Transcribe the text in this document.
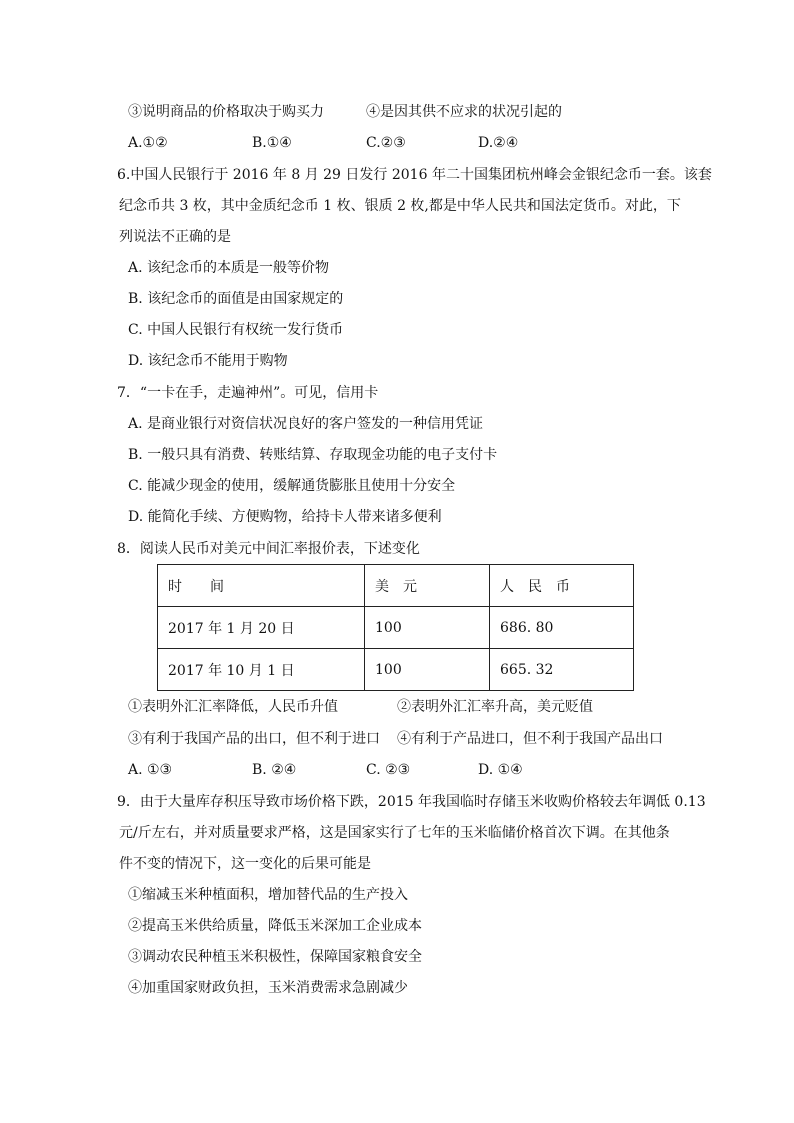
③说明商品的价格取决于购买力	④是因其供不应求的状况引起的
A.①②	B.①④	C.②③	D.②④
6.中国人民银行于 2016 年 8 月 29 日发行 2016 年二十国集团杭州峰会金银纪念币一套。该套
纪念币共 3 枚，其中金质纪念币 1 枚、银质 2 枚,都是中华人民共和国法定货币。对此，下
列说法不正确的是
A. 该纪念币的本质是一般等价物
B. 该纪念币的面值是由国家规定的
C. 中国人民银行有权统一发行货币
D. 该纪念币不能用于购物
7．“一卡在手，走遍神州”。可见，信用卡
A. 是商业银行对资信状况良好的客户签发的一种信用凭证
B. 一般只具有消费、转账结算、存取现金功能的电子支付卡
C. 能减少现金的使用，缓解通货膨胀且使用十分安全
D. 能简化手续、方便购物，给持卡人带来诸多便利
8．阅读人民币对美元中间汇率报价表，下述变化
时　　间	美　元	人　民　币
2017 年 1 月 20 日	100	686. 80
2017 年 10 月 1 日	100	665. 32
①表明外汇汇率降低，人民币升值	②表明外汇汇率升高，美元贬值
③有利于我国产品的出口，但不利于进口 ④有利于产品进口，但不利于我国产品出口
A. ①③	B. ②④	C. ②③	D. ①④
9．由于大量库存积压导致市场价格下跌，2015 年我国临时存储玉米收购价格较去年调低 0.13
元/斤左右，并对质量要求严格，这是国家实行了七年的玉米临储价格首次下调。在其他条
件不变的情况下，这一变化的后果可能是
①缩减玉米种植面积，增加替代品的生产投入
②提高玉米供给质量，降低玉米深加工企业成本
③调动农民种植玉米积极性，保障国家粮食安全
④加重国家财政负担，玉米消费需求急剧减少
